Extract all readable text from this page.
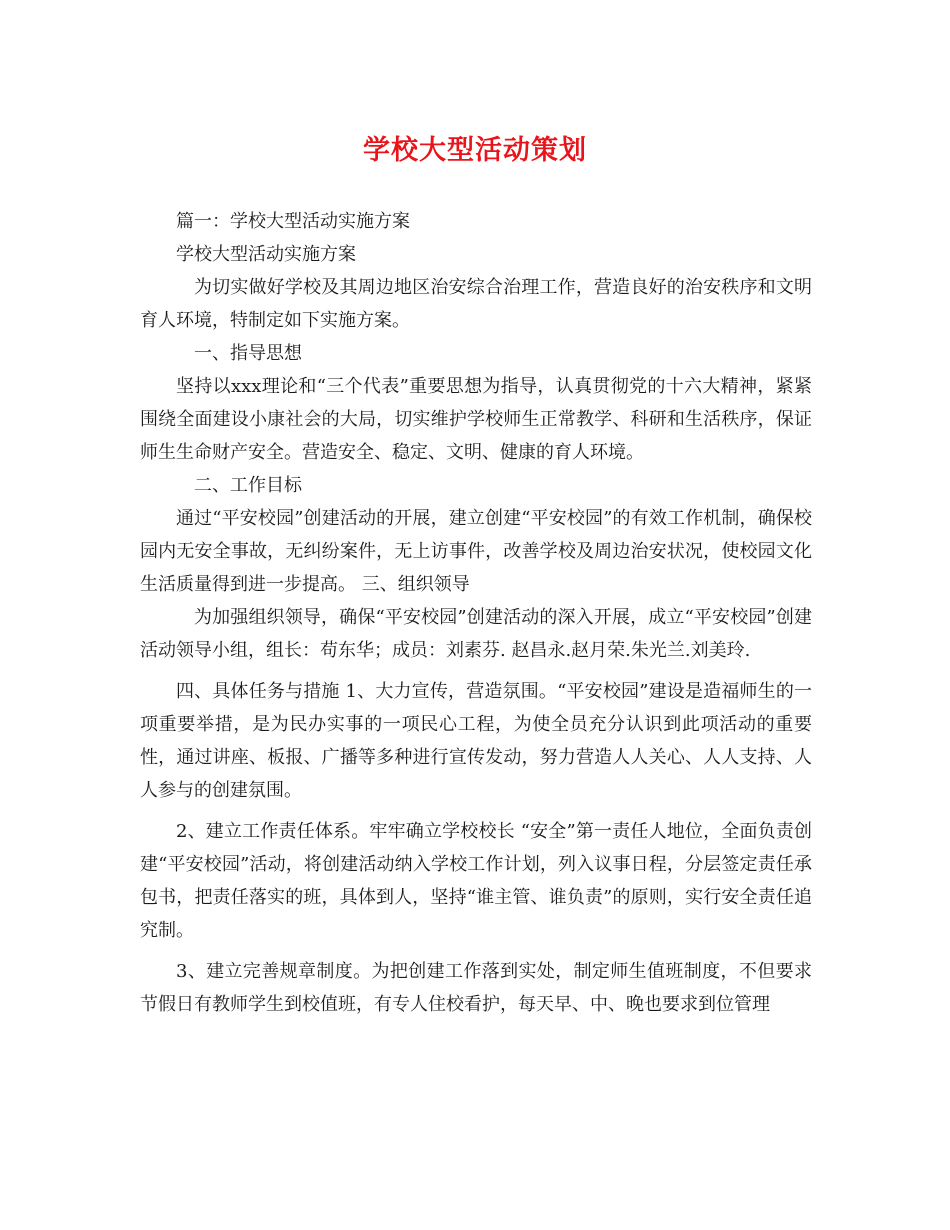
学校大型活动策划

篇一：学校大型活动实施方案

学校大型活动实施方案

为切实做好学校及其周边地区治安综合治理工作，营造良好的治安秩序和文明育人环境，特制定如下实施方案。

一、指导思想

坚持以xxx理论和“三个代表”重要思想为指导，认真贯彻党的十六大精神，紧紧围绕全面建设小康社会的大局，切实维护学校师生正常教学、科研和生活秩序，保证师生生命财产安全。营造安全、稳定、文明、健康的育人环境。

二、工作目标

通过“平安校园”创建活动的开展，建立创建“平安校园”的有效工作机制，确保校园内无安全事故，无纠纷案件，无上访事件，改善学校及周边治安状况，使校园文化生活质量得到进一步提高。 三、组织领导

为加强组织领导，确保“平安校园”创建活动的深入开展，成立“平安校园”创建活动领导小组，组长：苟东华；成员：刘素芬. 赵昌永.赵月荣.朱光兰.刘美玲.

四、具体任务与措施 1、大力宣传，营造氛围。“平安校园”建设是造福师生的一项重要举措，是为民办实事的一项民心工程，为使全员充分认识到此项活动的重要性，通过讲座、板报、广播等多种进行宣传发动，努力营造人人关心、人人支持、人人参与的创建氛围。

2、建立工作责任体系。牢牢确立学校校长 “安全”第一责任人地位，全面负责创建“平安校园”活动，将创建活动纳入学校工作计划，列入议事日程，分层签定责任承包书，把责任落实的班，具体到人，坚持“谁主管、谁负责”的原则，实行安全责任追究制。

3、建立完善规章制度。为把创建工作落到实处，制定师生值班制度，不但要求节假日有教师学生到校值班，有专人住校看护，每天早、中、晚也要求到位管理
